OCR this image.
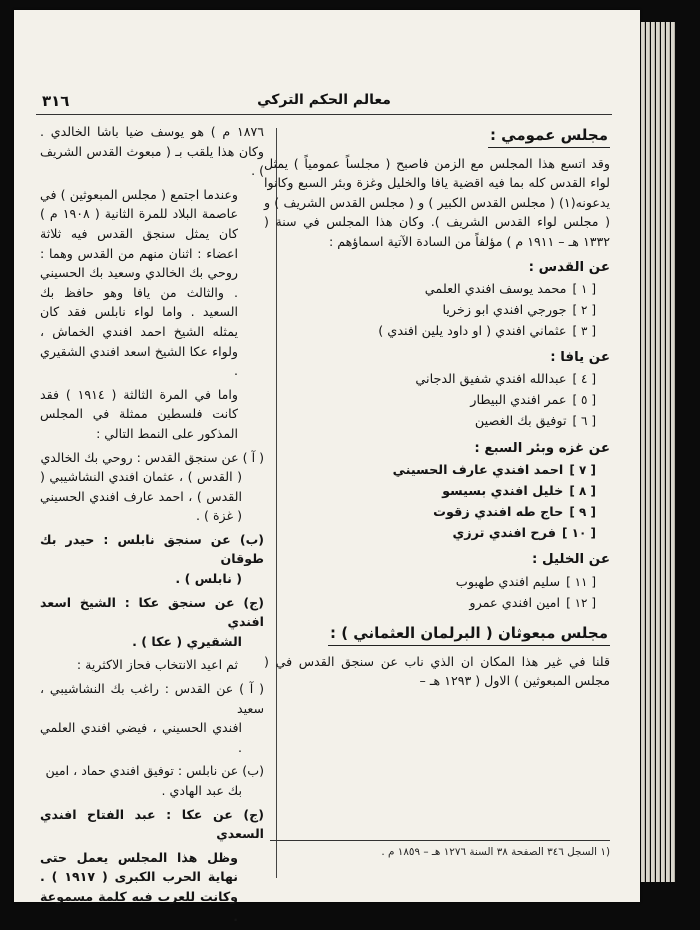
معالم الحكم التركي
٣١٦
مجلس عمومي :

وقد اتسع هذا المجلس مع الزمن فاصبح ( مجلساً عمومياً ) يمثل لواء القدس كله بما فيه اقضية يافا والخليل وغزة وبئر السبع وكانوا يدعونه(١) ( مجلس القدس الكبير ) و ( مجلس القدس الشريف ) و ( مجلس لواء القدس الشريف ). وكان هذا المجلس في سنة ( ١٣٣٢ هـ – ١٩١١ م ) مؤلفاً من السادة الآتية اسماؤهم :

عن القدس :
[ ١ ]
محمد يوسف افندي العلمي
[ ٢ ]
جورجي افندي ابو زخريا
[ ٣ ]
عثماني افندي ( او داود يلين افندي )
عن يافا :
[ ٤ ]
عبدالله افندي شفيق الدجاني
[ ٥ ]
عمر افندي البيطار
[ ٦ ]
توفيق بك الغصين
عن غزه وبئر السبع :
[ ٧ ]
احمد افندي عارف الحسيني
[ ٨ ]
خليل افندي بسيسو
[ ٩ ]
حاج طه افندي زقوت
[ ١٠ ]
فرح افندي ترزي
عن الخليل :
[ ١١ ]
سليم افندي طهبوب
[ ١٢ ]
امين افندي عمرو
مجلس مبعوثان ( البرلمان العثماني ) :

قلنا في غير هذا المكان ان الذي ناب عن سنجق القدس في ( مجلس المبعوثين ) الاول ( ١٢٩٣ هـ –

١٨٧٦ م ) هو يوسف ضيا باشا الخالدي . وكان هذا يلقب بـ ( مبعوث القدس الشريف ) .

وعندما اجتمع ( مجلس المبعوثين ) في عاصمة البلاد للمرة الثانية ( ١٩٠٨ م ) كان يمثل سنجق القدس فيه ثلاثة اعضاء : اثنان منهم من القدس وهما : روحي بك الخالدي وسعيد بك الحسيني . والثالث من يافا وهو حافظ بك السعيد . واما لواء نابلس فقد كان يمثله الشيخ احمد افندي الخماش ، ولواء عكا الشيخ اسعد افندي الشقيري .

واما في المرة الثالثة ( ١٩١٤ ) فقد كانت فلسطين ممثلة في المجلس المذكور على النمط التالي :

( آ ) عن سنجق القدس : روحي بك الخالدي
( القدس ) ، عثمان افندي النشاشيبي ( القدس ) ، احمد عارف افندي الحسيني ( غزة ) .
(ب) عن سنجق نابلس : حيدر بك طوقان
( نابلس ) .
(ج) عن سنجق عكا : الشيخ اسعد افندي
الشقيري ( عكا ) .

ثم اعيد الانتخاب فحاز الاكثرية :

( آ ) عن القدس : راغب بك النشاشيبي ، سعيد
افندي الحسيني ، فيضي افندي العلمي .
(ب) عن نابلس : توفيق افندي حماد ، امين
بك عبد الهادي .
(ج) عن عكا : عبد الفتاح افندي السعدي

وظل هذا المجلس يعمل حتى نهاية الحرب الكبرى ( ١٩١٧ ) . وكانت للعرب فيه كلمة مسموعة .

(١ السجل ٣٤٦ الصفحة ٣٨ السنة ١٢٧٦ هـ – ١٨٥٩ م .
